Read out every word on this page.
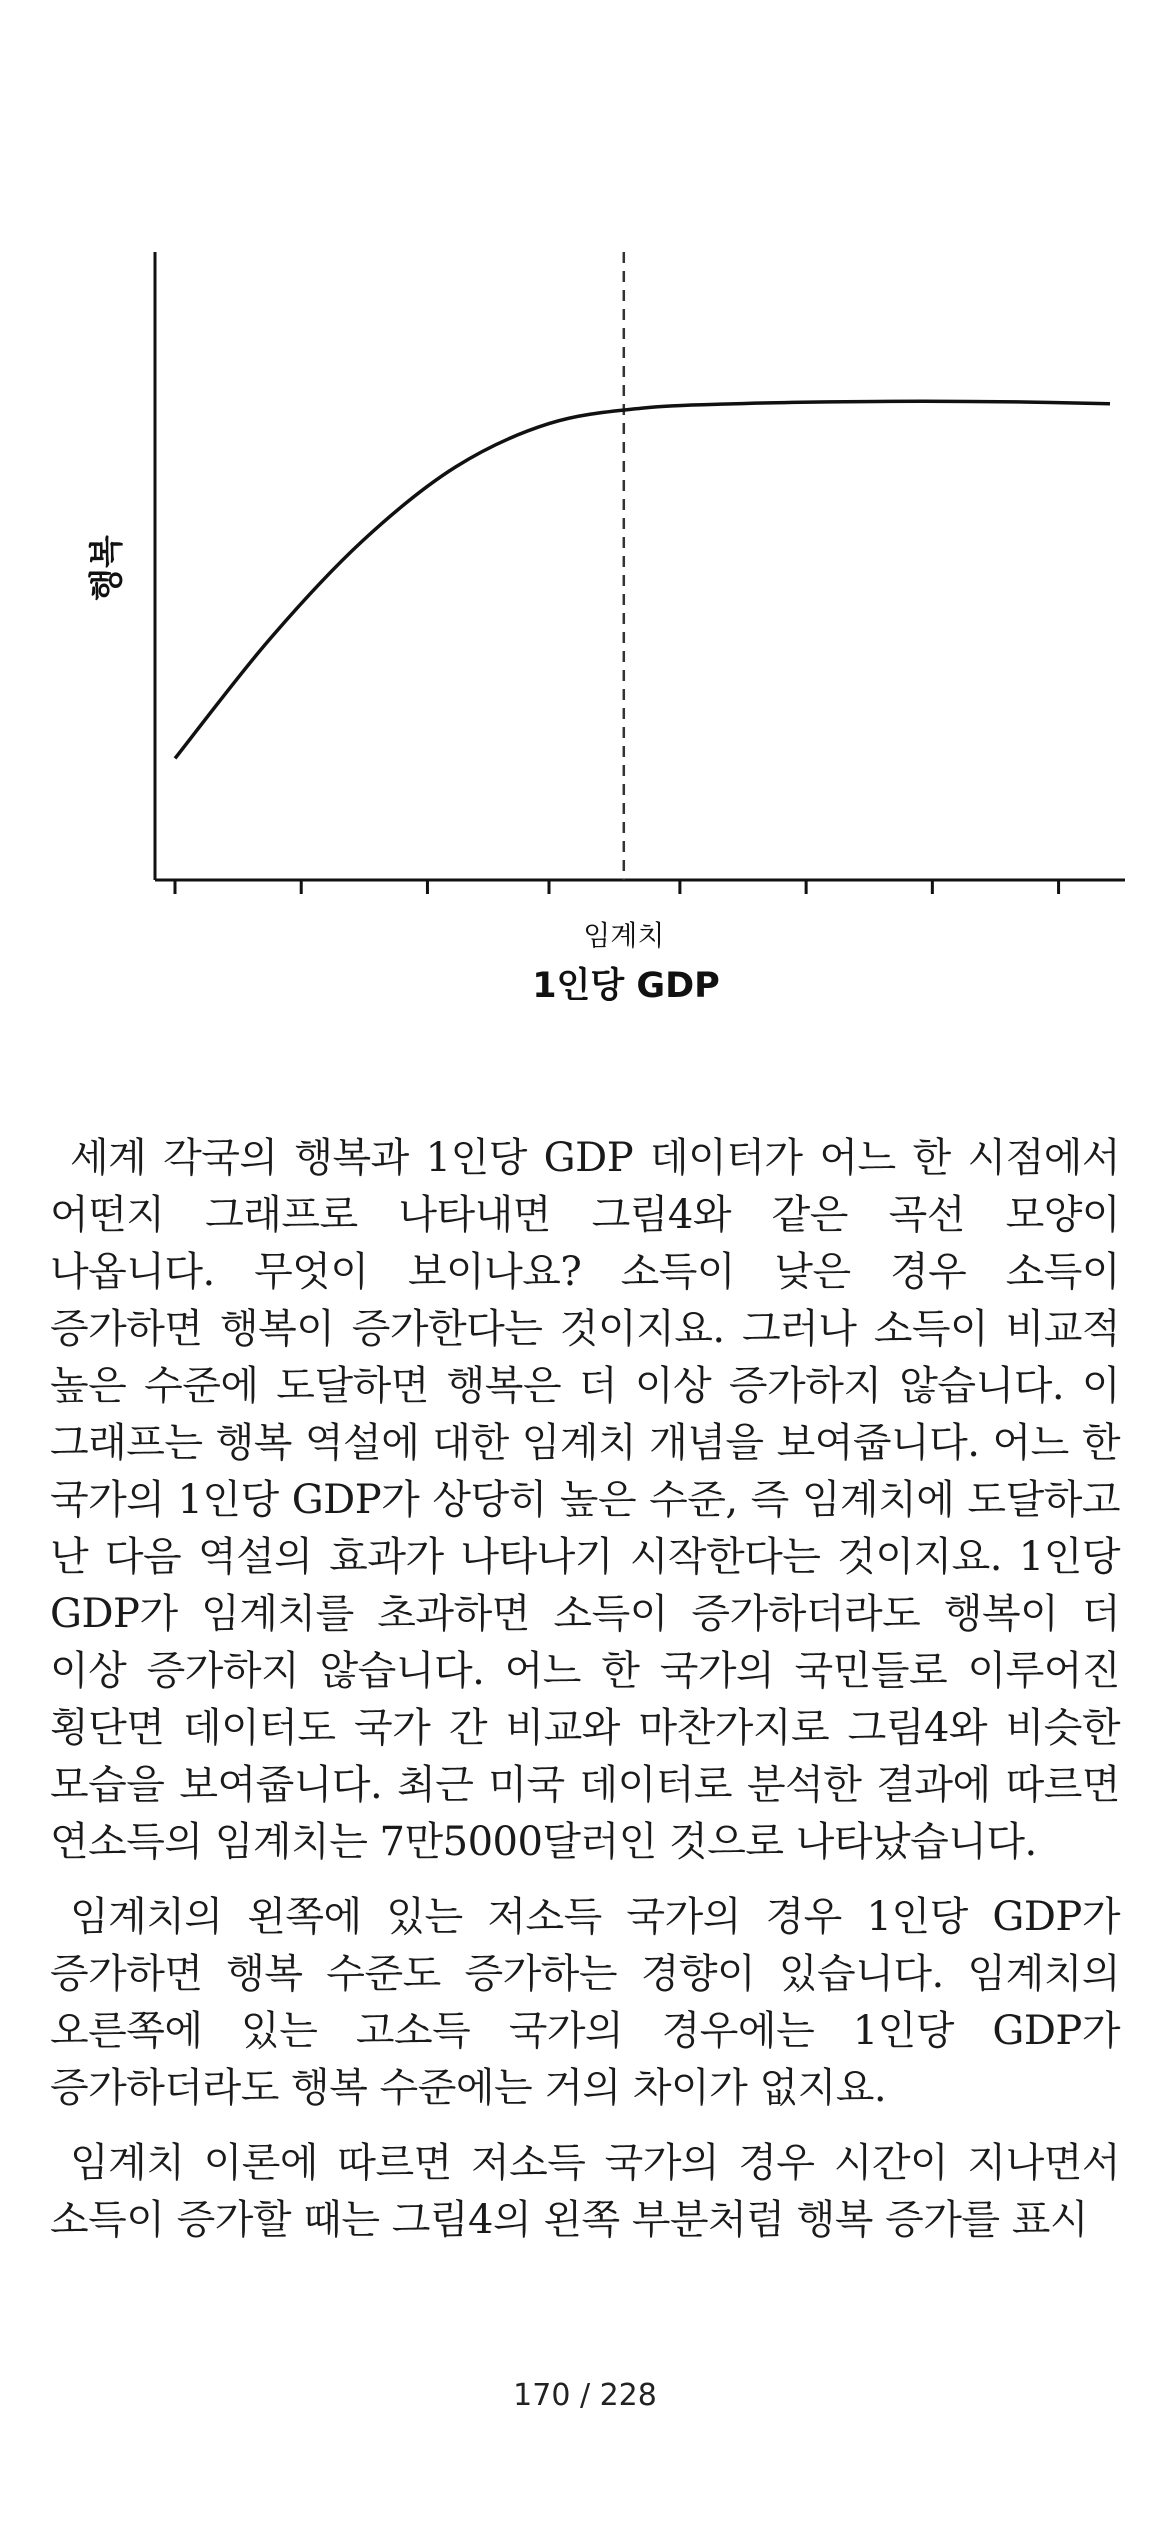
행복
임계치
1인당 GDP

세계 각국의 행복과 1인당 GDP 데이터가 어느 한 시점에서 어떤지 그래프로 나타내면 그림4와 같은 곡선 모양이 나옵니다. 무엇이 보이나요? 소득이 낮은 경우 소득이 증가하면 행복이 증가한다는 것이지요. 그러나 소득이 비교적 높은 수준에 도달하면 행복은 더 이상 증가하지 않습니다. 이 그래프는 행복 역설에 대한 임계치 개념을 보여줍니다. 어느 한 국가의 1인당 GDP가 상당히 높은 수준, 즉 임계치에 도달하고 난 다음 역설의 효과가 나타나기 시작한다는 것이지요. 1인당 GDP가 임계치를 초과하면 소득이 증가하더라도 행복이 더 이상 증가하지 않습니다. 어느 한 국가의 국민들로 이루어진 횡단면 데이터도 국가 간 비교와 마찬가지로 그림4와 비슷한 모습을 보여줍니다. 최근 미국 데이터로 분석한 결과에 따르면 연소득의 임계치는 7만5000달러인 것으로 나타났습니다.

임계치의 왼쪽에 있는 저소득 국가의 경우 1인당 GDP가 증가하면 행복 수준도 증가하는 경향이 있습니다. 임계치의 오른쪽에 있는 고소득 국가의 경우에는 1인당 GDP가 증가하더라도 행복 수준에는 거의 차이가 없지요.

임계치 이론에 따르면 저소득 국가의 경우 시간이 지나면서 소득이 증가할 때는 그림4의 왼쪽 부분처럼 행복 증가를 표시

170 / 228
